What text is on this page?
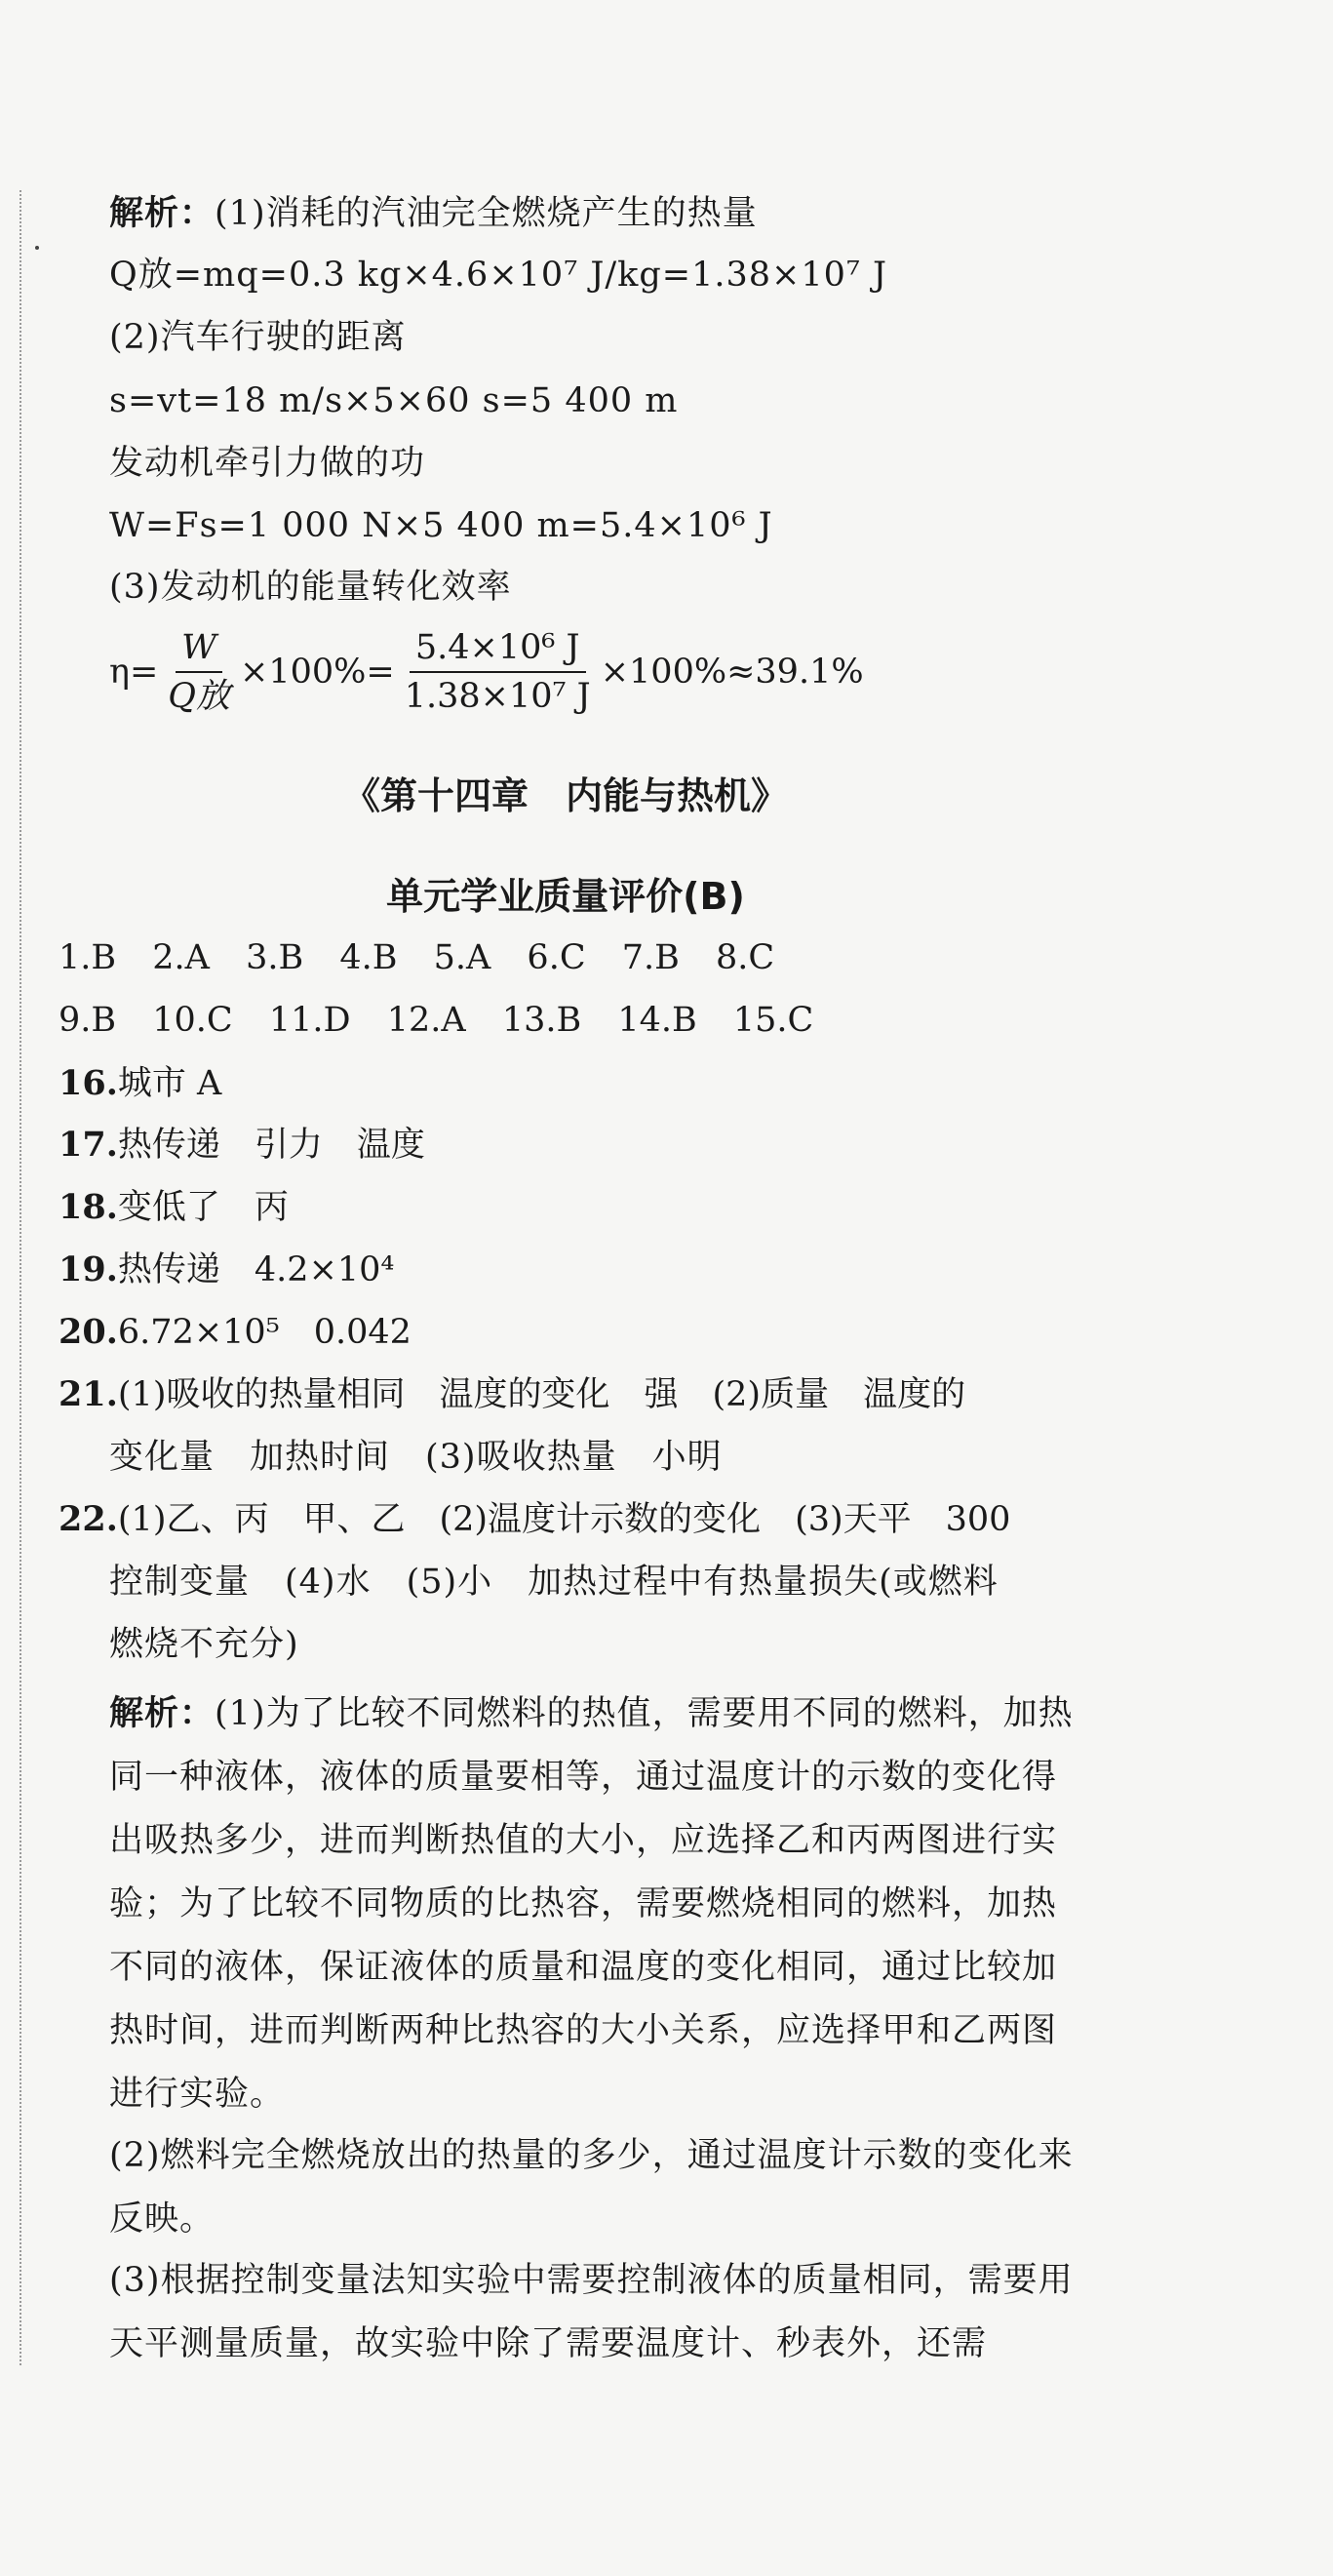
解析：(1)消耗的汽油完全燃烧产生的热量
Q放=mq=0.3 kg×4.6×10⁷ J/kg=1.38×10⁷ J
(2)汽车行驶的距离
s=vt=18 m/s×5×60 s=5 400 m
发动机牵引力做的功
W=Fs=1 000 N×5 400 m=5.4×10⁶ J
(3)发动机的能量转化效率
$\eta= \frac{W}{\text{Q放}} \times 100\%= \frac{\text{5.4×10⁶ J}}{\text{1.38×10⁷ J}} \times 100\%\approx 39.1\%$
《第十四章　内能与热机》
单元学业质量评价(B)
1.B 2.A 3.B 4.B 5.A 6.C 7.B 8.C
9.B 10.C 11.D 12.A 13.B 14.B 15.C
16.城市 A
17.热传递　引力　温度
18.变低了　丙
19.热传递　4.2×10⁴
20.6.72×10⁵　0.042
21.(1)吸收的热量相同　温度的变化　强　(2)质量　温度的
变化量　加热时间　(3)吸收热量　小明
22.(1)乙、丙　甲、乙　(2)温度计示数的变化　(3)天平　300
控制变量　(4)水　(5)小　加热过程中有热量损失(或燃料
燃烧不充分)
解析：(1)为了比较不同燃料的热值，需要用不同的燃料，加热同一种液体，液体的质量要相等，通过温度计的示数的变化得出吸热多少，进而判断热值的大小，应选择乙和丙两图进行实验；为了比较不同物质的比热容，需要燃烧相同的燃料，加热不同的液体，保证液体的质量和温度的变化相同，通过比较加热时间，进而判断两种比热容的大小关系，应选择甲和乙两图进行实验。
(2)燃料完全燃烧放出的热量的多少，通过温度计示数的变化来反映。
(3)根据控制变量法知实验中需要控制液体的质量相同，需要用天平测量质量，故实验中除了需要温度计、秒表外，还需
